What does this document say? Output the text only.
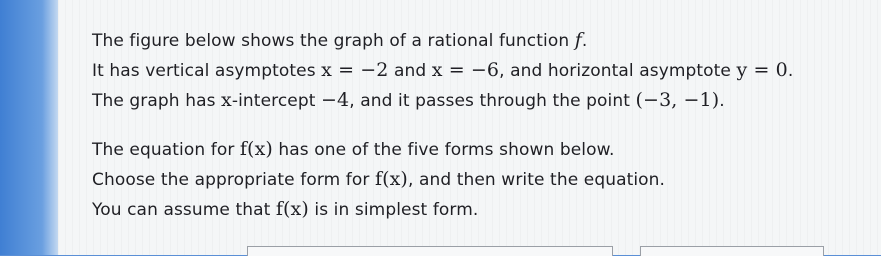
The figure below shows the graph of a rational function f.
It has vertical asymptotes x = −2 and x = −6, and horizontal asymptote y = 0.
The graph has x-intercept −4, and it passes through the point (−3, −1).
The equation for f(x) has one of the five forms shown below.
Choose the appropriate form for f(x), and then write the equation.
You can assume that f(x) is in simplest form.
